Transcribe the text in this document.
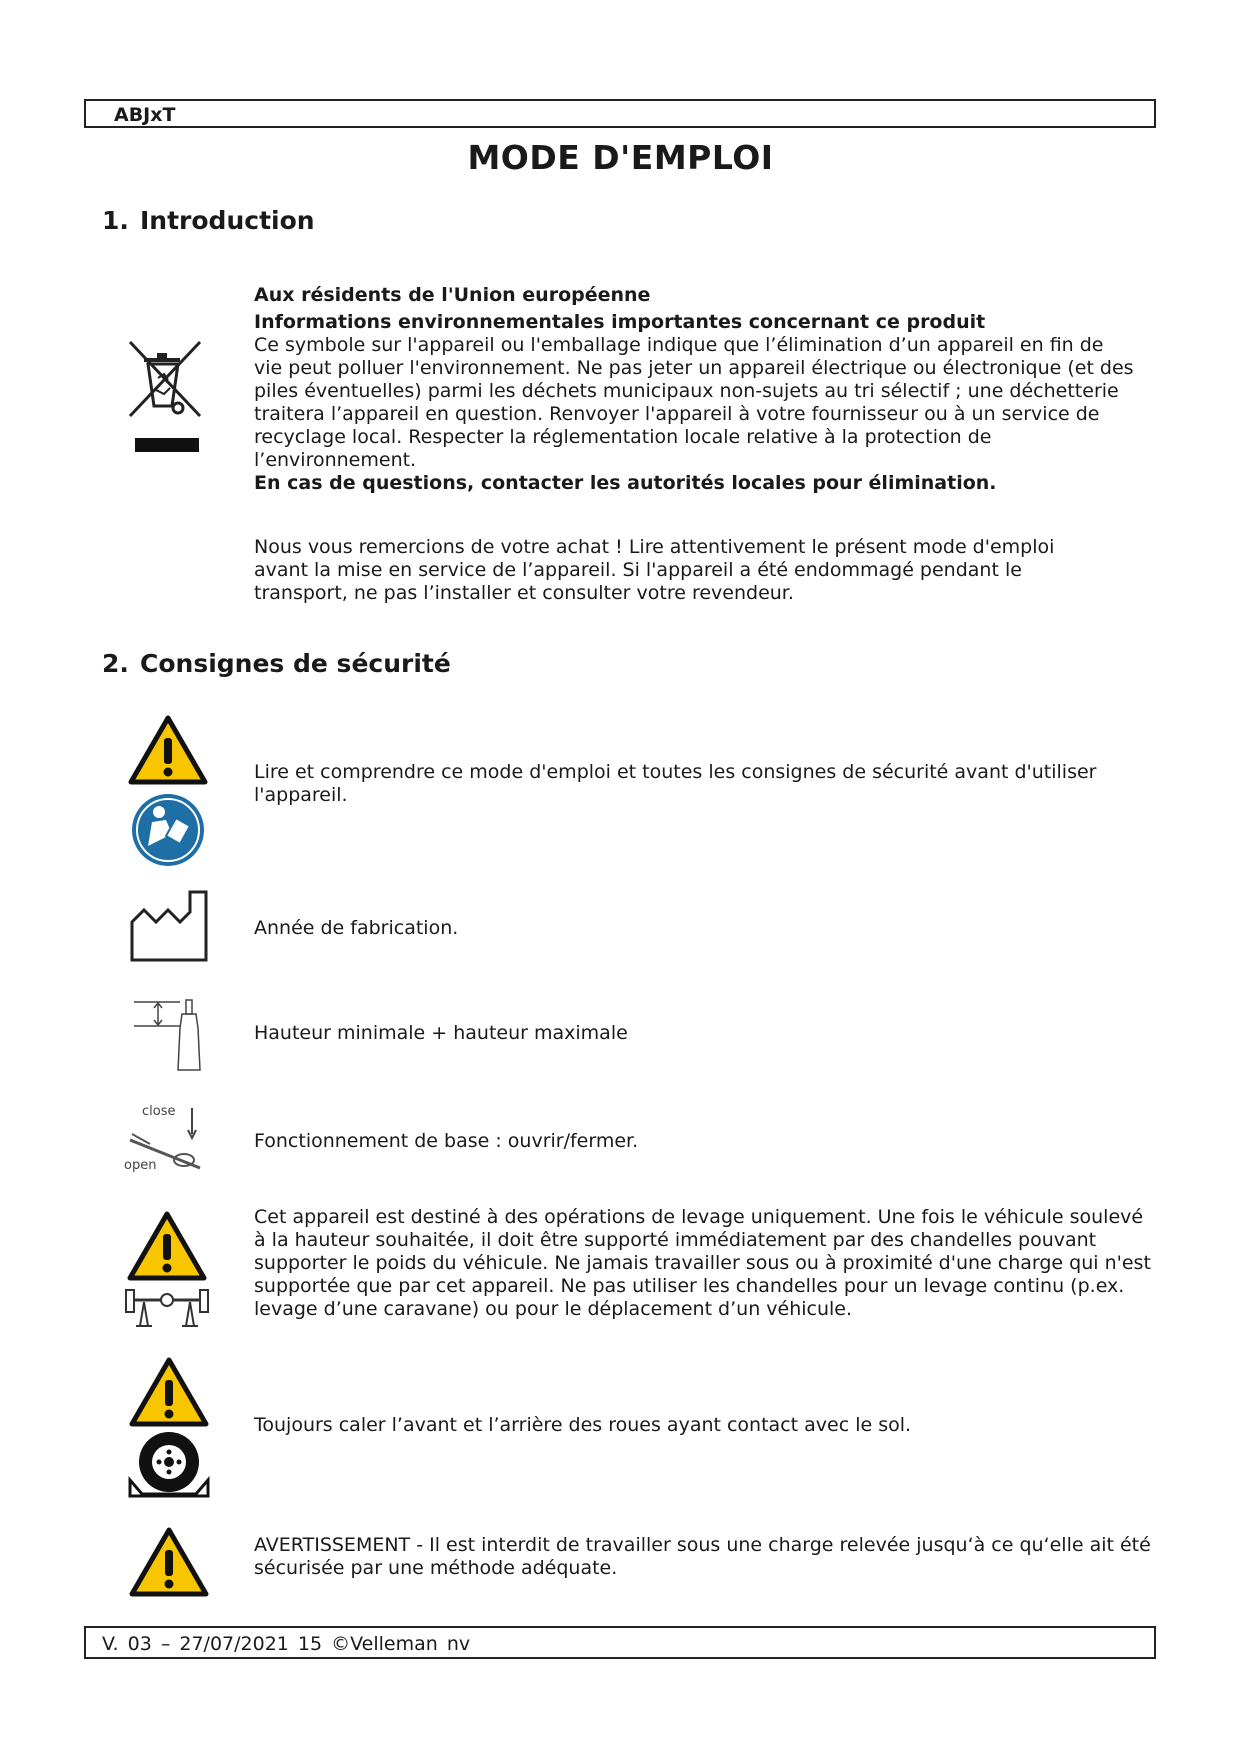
ABJxT
MODE D'EMPLOI
1. Introduction

Aux résidents de l'Union européenne

Informations environnementales importantes concernant ce produit

Ce symbole sur l'appareil ou l'emballage indique que l’élimination d’un appareil en fin de vie peut polluer l'environnement. Ne pas jeter un appareil électrique ou électronique (et des piles éventuelles) parmi les déchets municipaux non-sujets au tri sélectif ; une déchetterie traitera l’appareil en question. Renvoyer l'appareil à votre fournisseur ou à un service de recyclage local. Respecter la réglementation locale relative à la protection de l’environnement.

En cas de questions, contacter les autorités locales pour élimination.

Nous vous remercions de votre achat ! Lire attentivement le présent mode d'emploi avant la mise en service de l’appareil. Si l'appareil a été endommagé pendant le transport, ne pas l’installer et consulter votre revendeur.

2. Consignes de sécurité

Lire et comprendre ce mode d'emploi et toutes les consignes de sécurité avant d'utiliser l'appareil.

Année de fabrication.

Hauteur minimale + hauteur maximale

close
open

Fonctionnement de base : ouvrir/fermer.

Cet appareil est destiné à des opérations de levage uniquement. Une fois le véhicule soulevé à la hauteur souhaitée, il doit être supporté immédiatement par des chandelles pouvant supporter le poids du véhicule. Ne jamais travailler sous ou à proximité d'une charge qui n'est supportée que par cet appareil. Ne pas utiliser les chandelles pour un levage continu (p.ex. levage d’une caravane) ou pour le déplacement d’un véhicule.

Toujours caler l’avant et l’arrière des roues ayant contact avec le sol.

AVERTISSEMENT - Il est interdit de travailler sous une charge relevée jusqu‘à ce qu‘elle ait été sécurisée par une méthode adéquate.

V. 03 – 27/07/2021 15 ©Velleman nv
